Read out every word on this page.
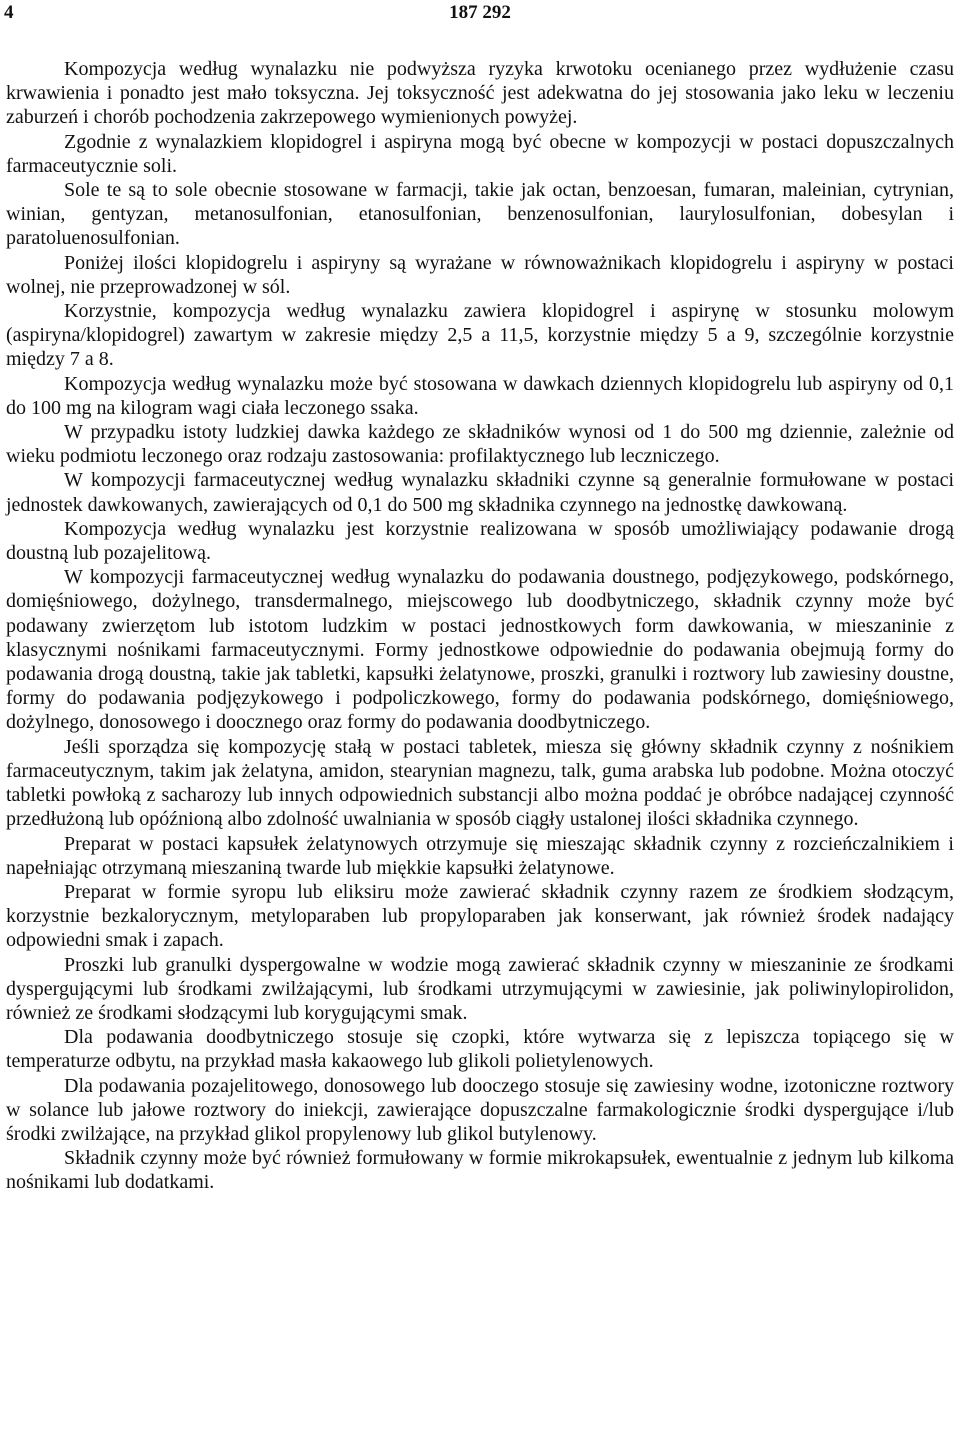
4	187 292

Kompozycja według wynalazku nie podwyższa ryzyka krwotoku ocenianego przez wydłużenie czasu krwawienia i ponadto jest mało toksyczna. Jej toksyczność jest adekwatna do jej stosowania jako leku w leczeniu zaburzeń i chorób pochodzenia zakrzepowego wymienionych powyżej.

Zgodnie z wynalazkiem klopidogrel i aspiryna mogą być obecne w kompozycji w postaci dopuszczalnych farmaceutycznie soli.

Sole te są to sole obecnie stosowane w farmacji, takie jak octan, benzoesan, fumaran, maleinian, cytrynian, winian, gentyzan, metanosulfonian, etanosulfonian, benzenosulfonian, laurylosulfonian, dobesylan i paratoluenosulfonian.

Poniżej ilości klopidogrelu i aspiryny są wyrażane w równoważnikach klopidogrelu i aspiryny w postaci wolnej, nie przeprowadzonej w sól.

Korzystnie, kompozycja według wynalazku zawiera klopidogrel i aspirynę w stosunku molowym (aspiryna/klopidogrel) zawartym w zakresie między 2,5 a 11,5, korzystnie między 5 a 9, szczególnie korzystnie między 7 a 8.

Kompozycja według wynalazku może być stosowana w dawkach dziennych klopidogrelu lub aspiryny od 0,1 do 100 mg na kilogram wagi ciała leczonego ssaka.

W przypadku istoty ludzkiej dawka każdego ze składników wynosi od 1 do 500 mg dziennie, zależnie od wieku podmiotu leczonego oraz rodzaju zastosowania: profilaktycznego lub leczniczego.

W kompozycji farmaceutycznej według wynalazku składniki czynne są generalnie formułowane w postaci jednostek dawkowanych, zawierających od 0,1 do 500 mg składnika czynnego na jednostkę dawkowaną.

Kompozycja według wynalazku jest korzystnie realizowana w sposób umożliwiający podawanie drogą doustną lub pozajelitową.

W kompozycji farmaceutycznej według wynalazku do podawania doustnego, podjęzykowego, podskórnego, domięśniowego, dożylnego, transdermalnego, miejscowego lub doodbytniczego, składnik czynny może być podawany zwierzętom lub istotom ludzkim w postaci jednostkowych form dawkowania, w mieszaninie z klasycznymi nośnikami farmaceutycznymi. Formy jednostkowe odpowiednie do podawania obejmują formy do podawania drogą doustną, takie jak tabletki, kapsułki żelatynowe, proszki, granulki i roztwory lub zawiesiny doustne, formy do podawania podjęzykowego i podpoliczkowego, formy do podawania podskórnego, domięśniowego, dożylnego, donosowego i doocznego oraz formy do podawania doodbytniczego.

Jeśli sporządza się kompozycję stałą w postaci tabletek, miesza się główny składnik czynny z nośnikiem farmaceutycznym, takim jak żelatyna, amidon, stearynian magnezu, talk, guma arabska lub podobne. Można otoczyć tabletki powłoką z sacharozy lub innych odpowiednich substancji albo można poddać je obróbce nadającej czynność przedłużoną lub opóźnioną albo zdolność uwalniania w sposób ciągły ustalonej ilości składnika czynnego.

Preparat w postaci kapsułek żelatynowych otrzymuje się mieszając składnik czynny z rozcieńczalnikiem i napełniając otrzymaną mieszaniną twarde lub miękkie kapsułki żelatynowe.

Preparat w formie syropu lub eliksiru może zawierać składnik czynny razem ze środkiem słodzącym, korzystnie bezkalorycznym, metyloparaben lub propyloparaben jak konserwant, jak również środek nadający odpowiedni smak i zapach.

Proszki lub granulki dyspergowalne w wodzie mogą zawierać składnik czynny w mieszaninie ze środkami dyspergującymi lub środkami zwilżającymi, lub środkami utrzymującymi w zawiesinie, jak poliwinylopirolidon, również ze środkami słodzącymi lub korygującymi smak.

Dla podawania doodbytniczego stosuje się czopki, które wytwarza się z lepiszcza topiącego się w temperaturze odbytu, na przykład masła kakaowego lub glikoli polietylenowych.

Dla podawania pozajelitowego, donosowego lub dooczego stosuje się zawiesiny wodne, izotoniczne roztwory w solance lub jałowe roztwory do iniekcji, zawierające dopuszczalne farmakologicznie środki dyspergujące i/lub środki zwilżające, na przykład glikol propylenowy lub glikol butylenowy.

Składnik czynny może być również formułowany w formie mikrokapsułek, ewentualnie z jednym lub kilkoma nośnikami lub dodatkami.
